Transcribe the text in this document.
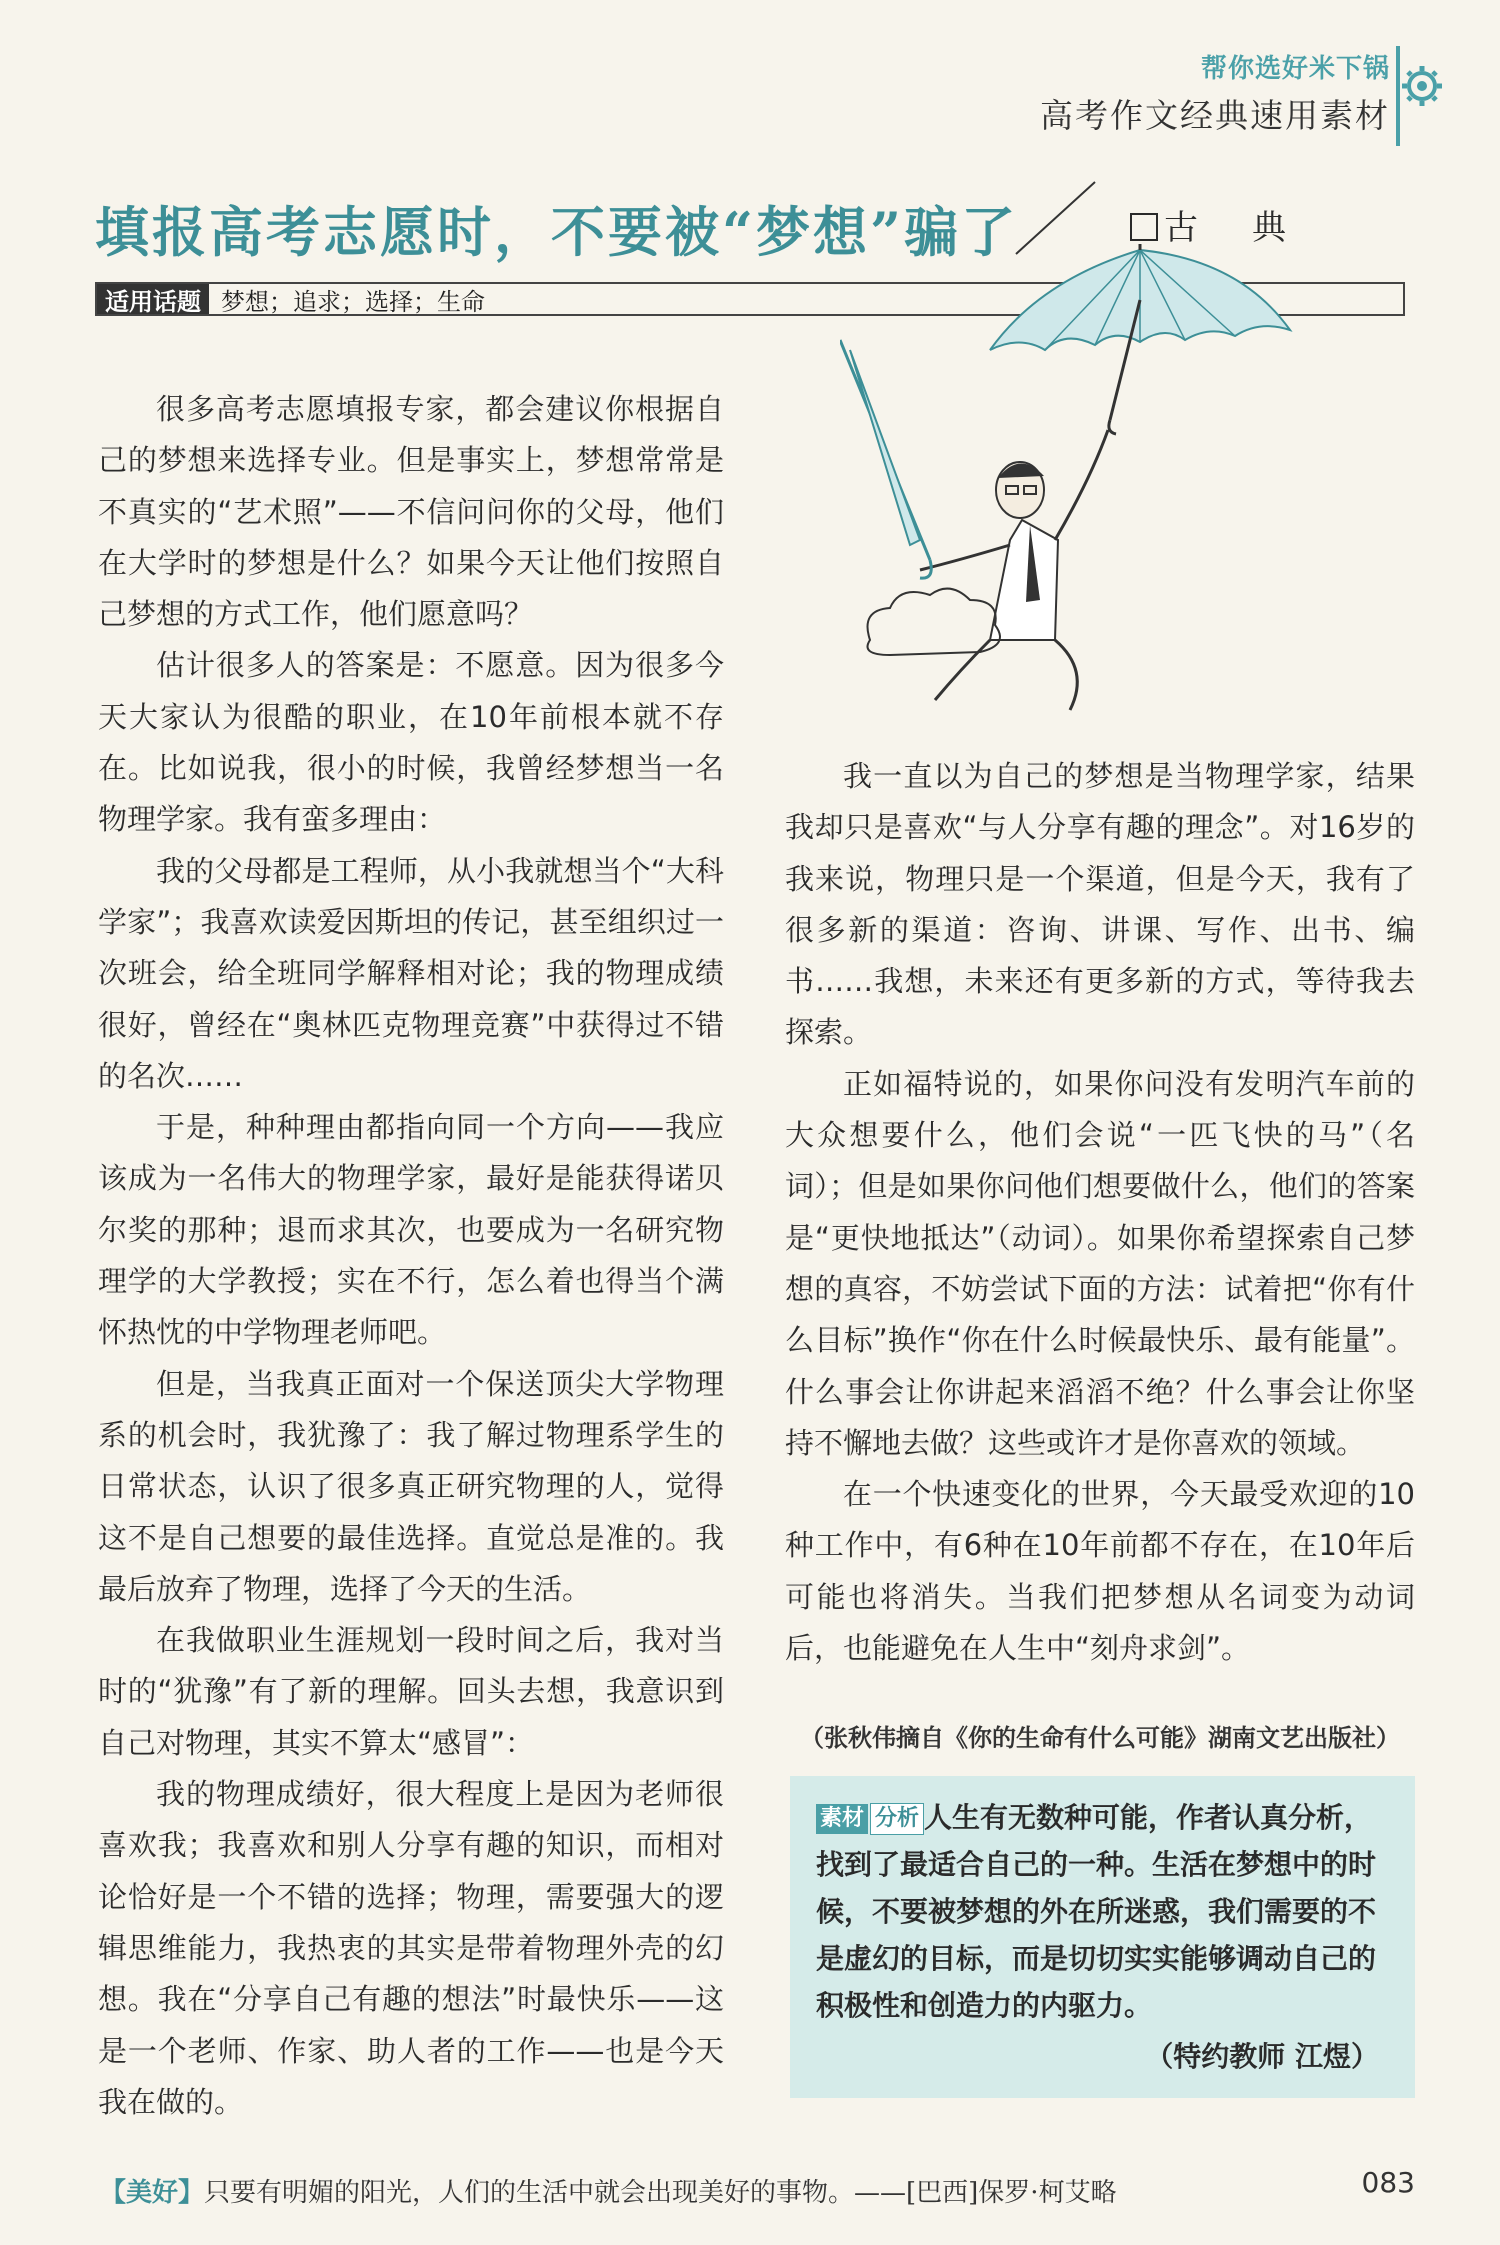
帮你选好米下锅
高考作文经典速用素材
填报高考志愿时，不要被“梦想”骗了	古　典
适用话题 梦想；追求；选择；生命

很多高考志愿填报专家，都会建议你根据自己的梦想来选择专业。但是事实上，梦想常常是不真实的“艺术照”——不信问问你的父母，他们在大学时的梦想是什么？如果今天让他们按照自己梦想的方式工作，他们愿意吗？

估计很多人的答案是：不愿意。因为很多今天大家认为很酷的职业，在10年前根本就不存在。比如说我，很小的时候，我曾经梦想当一名物理学家。我有蛮多理由：

我的父母都是工程师，从小我就想当个“大科学家”；我喜欢读爱因斯坦的传记，甚至组织过一次班会，给全班同学解释相对论；我的物理成绩很好，曾经在“奥林匹克物理竞赛”中获得过不错的名次……

于是，种种理由都指向同一个方向——我应该成为一名伟大的物理学家，最好是能获得诺贝尔奖的那种；退而求其次，也要成为一名研究物理学的大学教授；实在不行，怎么着也得当个满怀热忱的中学物理老师吧。

但是，当我真正面对一个保送顶尖大学物理系的机会时，我犹豫了：我了解过物理系学生的日常状态，认识了很多真正研究物理的人，觉得这不是自己想要的最佳选择。直觉总是准的。我最后放弃了物理，选择了今天的生活。

在我做职业生涯规划一段时间之后，我对当时的“犹豫”有了新的理解。回头去想，我意识到自己对物理，其实不算太“感冒”：

我的物理成绩好，很大程度上是因为老师很喜欢我；我喜欢和别人分享有趣的知识，而相对论恰好是一个不错的选择；物理，需要强大的逻辑思维能力，我热衷的其实是带着物理外壳的幻想。我在“分享自己有趣的想法”时最快乐——这是一个老师、作家、助人者的工作——也是今天我在做的。

我一直以为自己的梦想是当物理学家，结果我却只是喜欢“与人分享有趣的理念”。对16岁的我来说，物理只是一个渠道，但是今天，我有了很多新的渠道：咨询、讲课、写作、出书、编书……我想，未来还有更多新的方式，等待我去探索。

正如福特说的，如果你问没有发明汽车前的大众想要什么，他们会说“一匹飞快的马”（名词）；但是如果你问他们想要做什么，他们的答案是“更快地抵达”（动词）。如果你希望探索自己梦想的真容，不妨尝试下面的方法：试着把“你有什么目标”换作“你在什么时候最快乐、最有能量”。什么事会让你讲起来滔滔不绝？什么事会让你坚持不懈地去做？这些或许才是你喜欢的领域。

在一个快速变化的世界，今天最受欢迎的10种工作中，有6种在10年前都不存在，在10年后可能也将消失。当我们把梦想从名词变为动词后，也能避免在人生中“刻舟求剑”。

（张秋伟摘自《你的生命有什么可能》湖南文艺出版社）
素材 分析 人生有无数种可能，作者认真分析，找到了最适合自己的一种。生活在梦想中的时候，不要被梦想的外在所迷惑，我们需要的不是虚幻的目标，而是切切实实能够调动自己的积极性和创造力的内驱力。
（特约教师 江煜）
【美好】只要有明媚的阳光，人们的生活中就会出现美好的事物。——[巴西]保罗·柯艾略	083
